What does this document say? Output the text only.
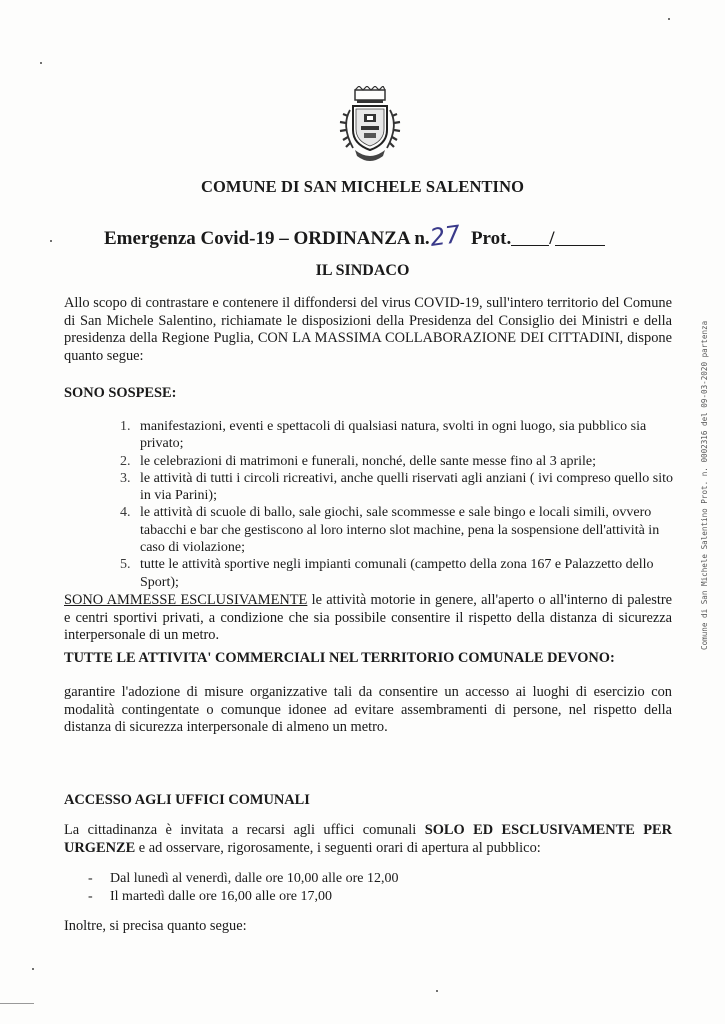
COMUNE DI SAN MICHELE SALENTINO
Emergenza Covid-19 – ORDINANZA n.27 Prot. /
IL SINDACO

Allo scopo di contrastare e contenere il diffondersi del virus COVID-19, sull'intero territorio del Comune di San Michele Salentino, richiamate le disposizioni della Presidenza del Consiglio dei Ministri e della presidenza della Regione Puglia, CON LA MASSIMA COLLABORAZIONE DEI CITTADINI, dispone quanto segue:

SONO SOSPESE:
1. manifestazioni, eventi e spettacoli di qualsiasi natura, svolti in ogni luogo, sia pubblico sia privato;
2. le celebrazioni di matrimoni e funerali, nonché, delle sante messe fino al 3 aprile;
3. le attività di tutti i circoli ricreativi, anche quelli riservati agli anziani ( ivi compreso quello sito in via Parini);
4. le attività di scuole di ballo, sale giochi, sale scommesse e sale bingo e locali simili, ovvero tabacchi e bar che gestiscono al loro interno slot machine, pena la sospensione dell'attività in caso di violazione;
5. tutte le attività sportive negli impianti comunali (campetto della zona 167 e Palazzetto dello Sport);

SONO AMMESSE ESCLUSIVAMENTE le attività motorie in genere, all'aperto o all'interno di palestre e centri sportivi privati, a condizione che sia possibile consentire il rispetto della distanza di sicurezza interpersonale di un metro.

TUTTE LE ATTIVITA' COMMERCIALI NEL TERRITORIO COMUNALE DEVONO:

garantire l'adozione di misure organizzative tali da consentire un accesso ai luoghi di esercizio con modalità contingentate o comunque idonee ad evitare assembramenti di persone, nel rispetto della distanza di sicurezza interpersonale di almeno un metro.

ACCESSO AGLI UFFICI COMUNALI

La cittadinanza è invitata a recarsi agli uffici comunali SOLO ED ESCLUSIVAMENTE PER URGENZE e ad osservare, rigorosamente, i seguenti orari di apertura al pubblico:

- Dal lunedì al venerdì, dalle ore 10,00 alle ore 12,00
- Il martedì dalle ore 16,00 alle ore 17,00
Inoltre, si precisa quanto segue:
Comune di San Michele Salentino Prot. n. 0002316 del 09-03-2020 partenza
